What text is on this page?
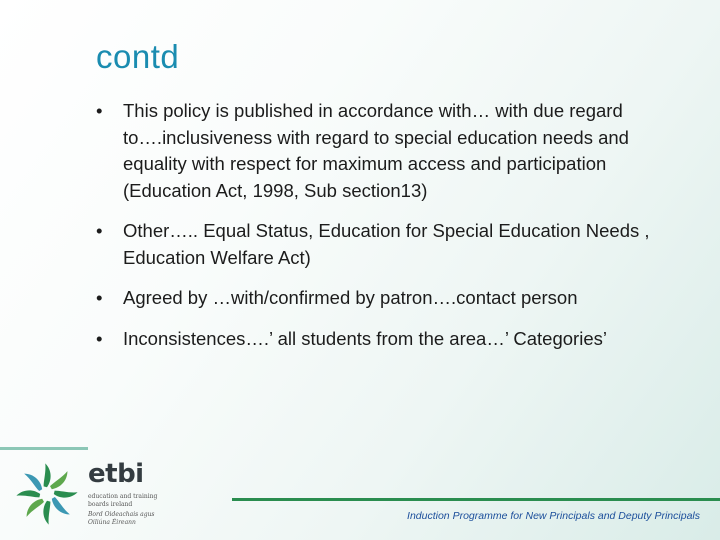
contd
•	This policy is published in accordance with… with due regard to….inclusiveness with regard to special education needs and equality with respect for maximum access and participation (Education Act, 1998, Sub section13)
•	Other….. Equal Status, Education for Special Education Needs , Education Welfare Act)
•	Agreed by …with/confirmed by patron….contact person
•	Inconsistences….’ all students from the area…’ Categories’
etbi
education and training
boards ireland
Bord Oideachais agus
Oiliúna Éireann
Induction Programme for New Principals and Deputy Principals
